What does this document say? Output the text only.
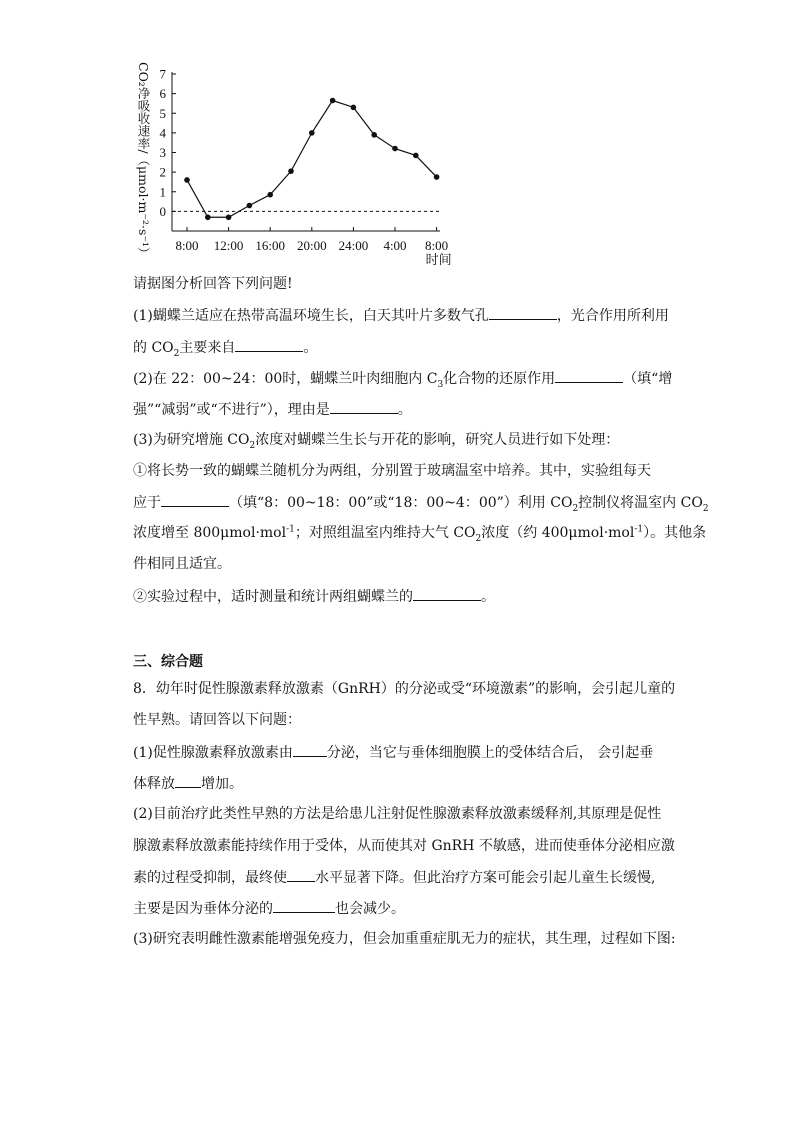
CO₂净吸收速率/（μmol·m⁻²·s⁻¹） 7
6
5
4
3
2
1
0
8:00 12:00 16:00 20:00 24:00 4:00 8:00
时间
请据图分析回答下列问题!
(1)蝴蝶兰适应在热带高温环境生长，白天其叶片多数气孔	，光合作用所利用
的 $CO_2$主要来自	。
(2)在 22：00~24：00时，蝴蝶兰叶肉细胞内 $C_3$化合物的还原作用	（填“增
强”“减弱”或“不进行”），理由是	。
(3)为研究增施 $CO_2$浓度对蝴蝶兰生长与开花的影响，研究人员进行如下处理：
①将长势一致的蝴蝶兰随机分为两组，分别置于玻璃温室中培养。其中，实验组每天
应于	（填“8：00~18：00”或“18：00~4：00”）利用 $CO_2$控制仪将温室内 $CO_2$
浓度增至 800μmol·mol$^{-1}$；对照组温室内维持大气 $CO_2$浓度（约 400μmol·mol$^{-1}$）。其他条
件相同且适宜。
②实验过程中，适时测量和统计两组蝴蝶兰的	。
三、综合题
8．幼年时促性腺激素释放激素（GnRH）的分泌或受“环境激素”的影响，会引起儿童的
性早熟。请回答以下问题：
(1)促性腺激素释放激素由 分泌，当它与垂体细胞膜上的受体结合后， 会引起垂
体释放 增加。
(2)目前治疗此类性早熟的方法是给患儿注射促性腺激素释放激素缓释剂,其原理是促性
腺激素释放激素能持续作用于受体，从而使其对 GnRH 不敏感，进而使垂体分泌相应激
素的过程受抑制，最终使 水平显著下降。但此治疗方案可能会引起儿童生长缓慢,
主要是因为垂体分泌的	也会减少。
(3)研究表明雌性激素能增强免疫力，但会加重重症肌无力的症状，其生理，过程如下图:
